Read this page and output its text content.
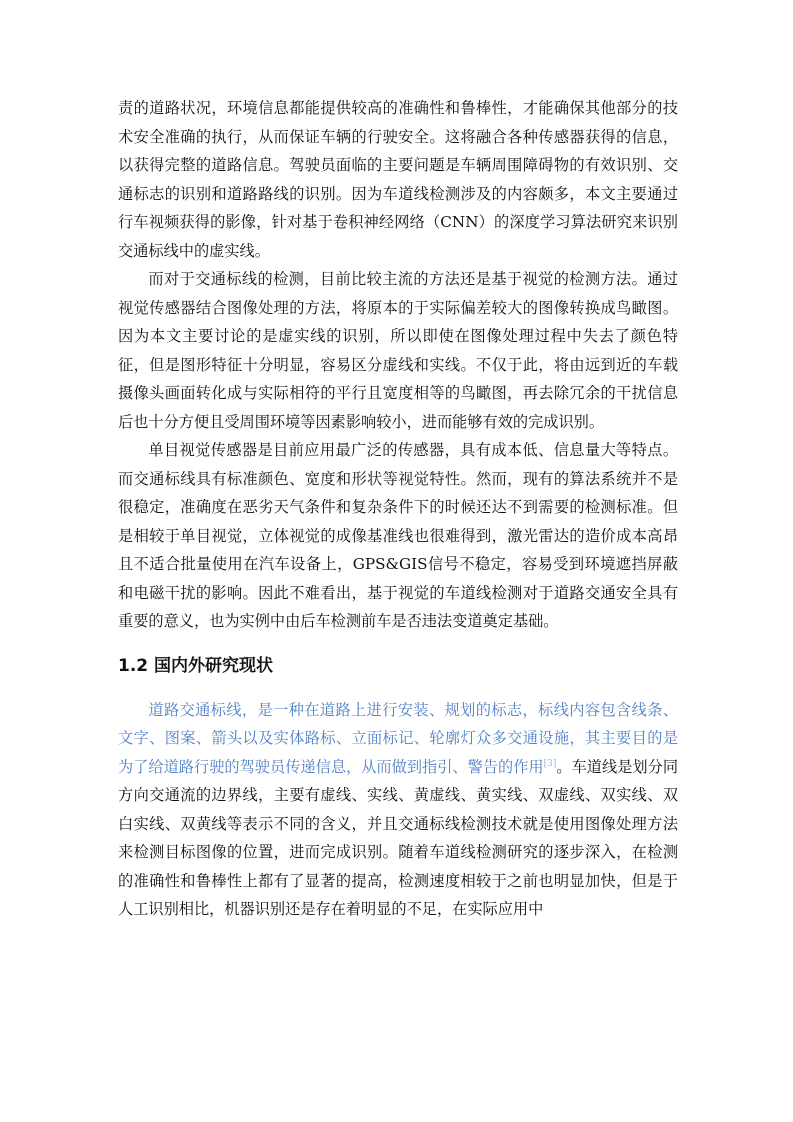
责的道路状况，环境信息都能提供较高的准确性和鲁棒性，才能确保其他部分的技术安全准确的执行，从而保证车辆的行驶安全。这将融合各种传感器获得的信息，以获得完整的道路信息。驾驶员面临的主要问题是车辆周围障碍物的有效识别、交通标志的识别和道路路线的识别。因为车道线检测涉及的内容颇多，本文主要通过行车视频获得的影像，针对基于卷积神经网络（CNN）的深度学习算法研究来识别交通标线中的虚实线。

而对于交通标线的检测，目前比较主流的方法还是基于视觉的检测方法。通过视觉传感器结合图像处理的方法，将原本的于实际偏差较大的图像转换成鸟瞰图。因为本文主要讨论的是虚实线的识别，所以即使在图像处理过程中失去了颜色特征，但是图形特征十分明显，容易区分虚线和实线。不仅于此，将由远到近的车载摄像头画面转化成与实际相符的平行且宽度相等的鸟瞰图，再去除冗余的干扰信息后也十分方便且受周围环境等因素影响较小，进而能够有效的完成识别。

单目视觉传感器是目前应用最广泛的传感器，具有成本低、信息量大等特点。而交通标线具有标准颜色、宽度和形状等视觉特性。然而，现有的算法系统并不是很稳定，准确度在恶劣天气条件和复杂条件下的时候还达不到需要的检测标准。但是相较于单目视觉，立体视觉的成像基准线也很难得到，激光雷达的造价成本高昂且不适合批量使用在汽车设备上，GPS&GIS信号不稳定，容易受到环境遮挡屏蔽和电磁干扰的影响。因此不难看出，基于视觉的车道线检测对于道路交通安全具有重要的意义，也为实例中由后车检测前车是否违法变道奠定基础。

1.2 国内外研究现状

道路交通标线，是一种在道路上进行安装、规划的标志，标线内容包含线条、文字、图案、箭头以及实体路标、立面标记、轮廓灯众多交通设施，其主要目的是为了给道路行驶的驾驶员传递信息，从而做到指引、警告的作用[3]。车道线是划分同方向交通流的边界线，主要有虚线、实线、黄虚线、黄实线、双虚线、双实线、双白实线、双黄线等表示不同的含义，并且交通标线检测技术就是使用图像处理方法来检测目标图像的位置，进而完成识别。随着车道线检测研究的逐步深入，在检测的准确性和鲁棒性上都有了显著的提高，检测速度相较于之前也明显加快，但是于人工识别相比，机器识别还是存在着明显的不足，在实际应用中
